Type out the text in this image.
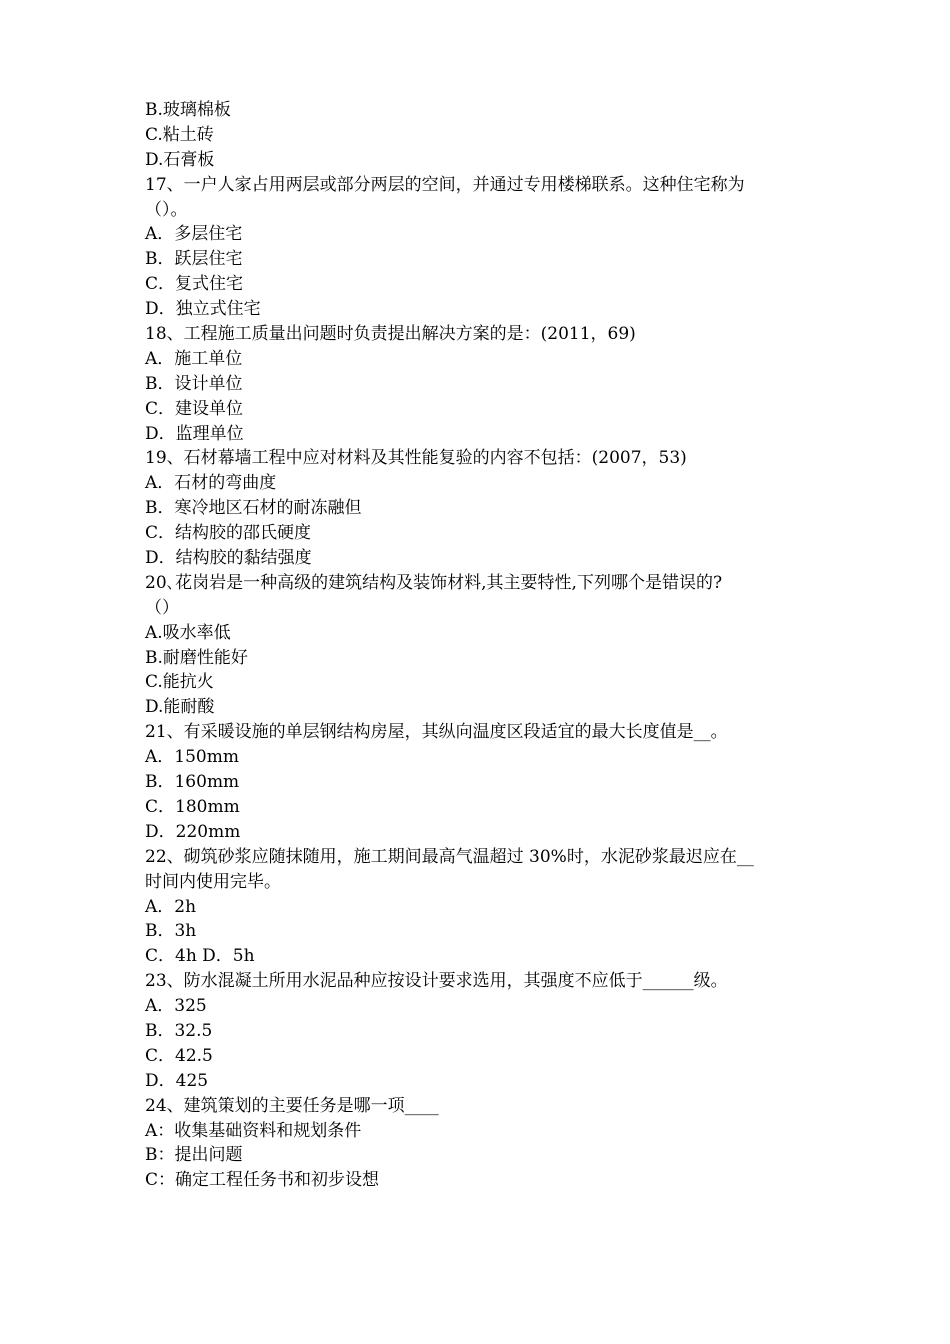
B.玻璃棉板
C.粘土砖
D.石膏板
17、一户人家占用两层或部分两层的空间，并通过专用楼梯联系。这种住宅称为
（）。
A．多层住宅
B．跃层住宅
C．复式住宅
D．独立式住宅
18、工程施工质量出问题时负责提出解决方案的是：(2011，69)
A．施工单位
B．设计单位
C．建设单位
D．监理单位
19、石材幕墙工程中应对材料及其性能复验的内容不包括：(2007，53)
A．石材的弯曲度
B．寒冷地区石材的耐冻融但
C．结构胶的邵氏硬度
D．结构胶的黏结强度
20､花岗岩是一种高级的建筑结构及装饰材料,其主要特性,下列哪个是错误的?
（）
A.吸水率低
B.耐磨性能好
C.能抗火
D.能耐酸
21、有采暖设施的单层钢结构房屋，其纵向温度区段适宜的最大长度值是__。
A．150mm
B．160mm
C．180mm
D．220mm
22、砌筑砂浆应随抹随用，施工期间最高气温超过 30%时，水泥砂浆最迟应在__
时间内使用完毕。
A．2h
B．3h
C．4h D．5h
23、防水混凝土所用水泥品种应按设计要求选用，其强度不应低于______级。
A．325
B．32.5
C．42.5
D．425
24、建筑策划的主要任务是哪一项____
A：收集基础资料和规划条件
B：提出问题
C：确定工程任务书和初步设想
